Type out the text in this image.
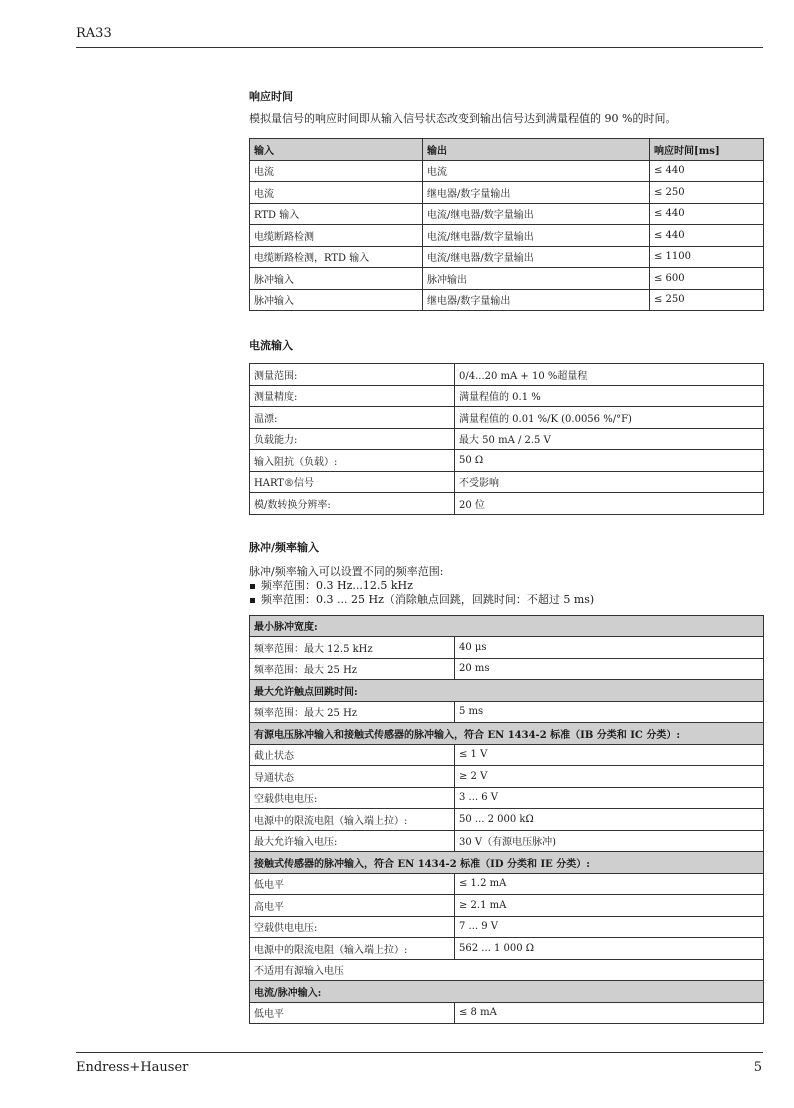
RA33
响应时间

模拟量信号的响应时间即从输入信号状态改变到输出信号达到满量程值的 90 %的时间。

输入	输出	响应时间[ms]
电流	电流	≤ 440
电流	继电器/数字量输出	≤ 250
RTD 输入	电流/继电器/数字量输出	≤ 440
电缆断路检测	电流/继电器/数字量输出	≤ 440
电缆断路检测，RTD 输入	电流/继电器/数字量输出	≤ 1100
脉冲输入	脉冲输出	≤ 600
脉冲输入	继电器/数字量输出	≤ 250
电流输入
测量范围:	0/4...20 mA + 10 %超量程
测量精度:	满量程值的 0.1 %
温漂:	满量程值的 0.01 %/K (0.0056 %/°F)
负载能力:	最大 50 mA / 2.5 V
输入阻抗（负载）:	50 Ω
HART®信号	不受影响
模/数转换分辨率:	20 位
脉冲/频率输入

脉冲/频率输入可以设置不同的频率范围:

频率范围：0.3 Hz...12.5 kHz
频率范围：0.3 ... 25 Hz（消除触点回跳，回跳时间：不超过 5 ms)
最小脉冲宽度:	
频率范围：最大 12.5 kHz	40 μs
频率范围：最大 25 Hz	20 ms
最大允许触点回跳时间:	
频率范围：最大 25 Hz	5 ms
有源电压脉冲输入和接触式传感器的脉冲输入，符合 EN 1434-2 标准（IB 分类和 IC 分类）:	
截止状态	≤ 1 V
导通状态	≥ 2 V
空载供电电压:	3 ... 6 V
电源中的限流电阻（输入端上拉）:	50 ... 2 000 kΩ
最大允许输入电压:	30 V（有源电压脉冲)
接触式传感器的脉冲输入，符合 EN 1434-2 标准（ID 分类和 IE 分类）:	
低电平	≤ 1.2 mA
高电平	≥ 2.1 mA
空载供电电压:	7 ... 9 V
电源中的限流电阻（输入端上拉）:	562 ... 1 000 Ω
不适用有源输入电压	
电流/脉冲输入:	
低电平	≤ 8 mA
Endress+Hauser	5
